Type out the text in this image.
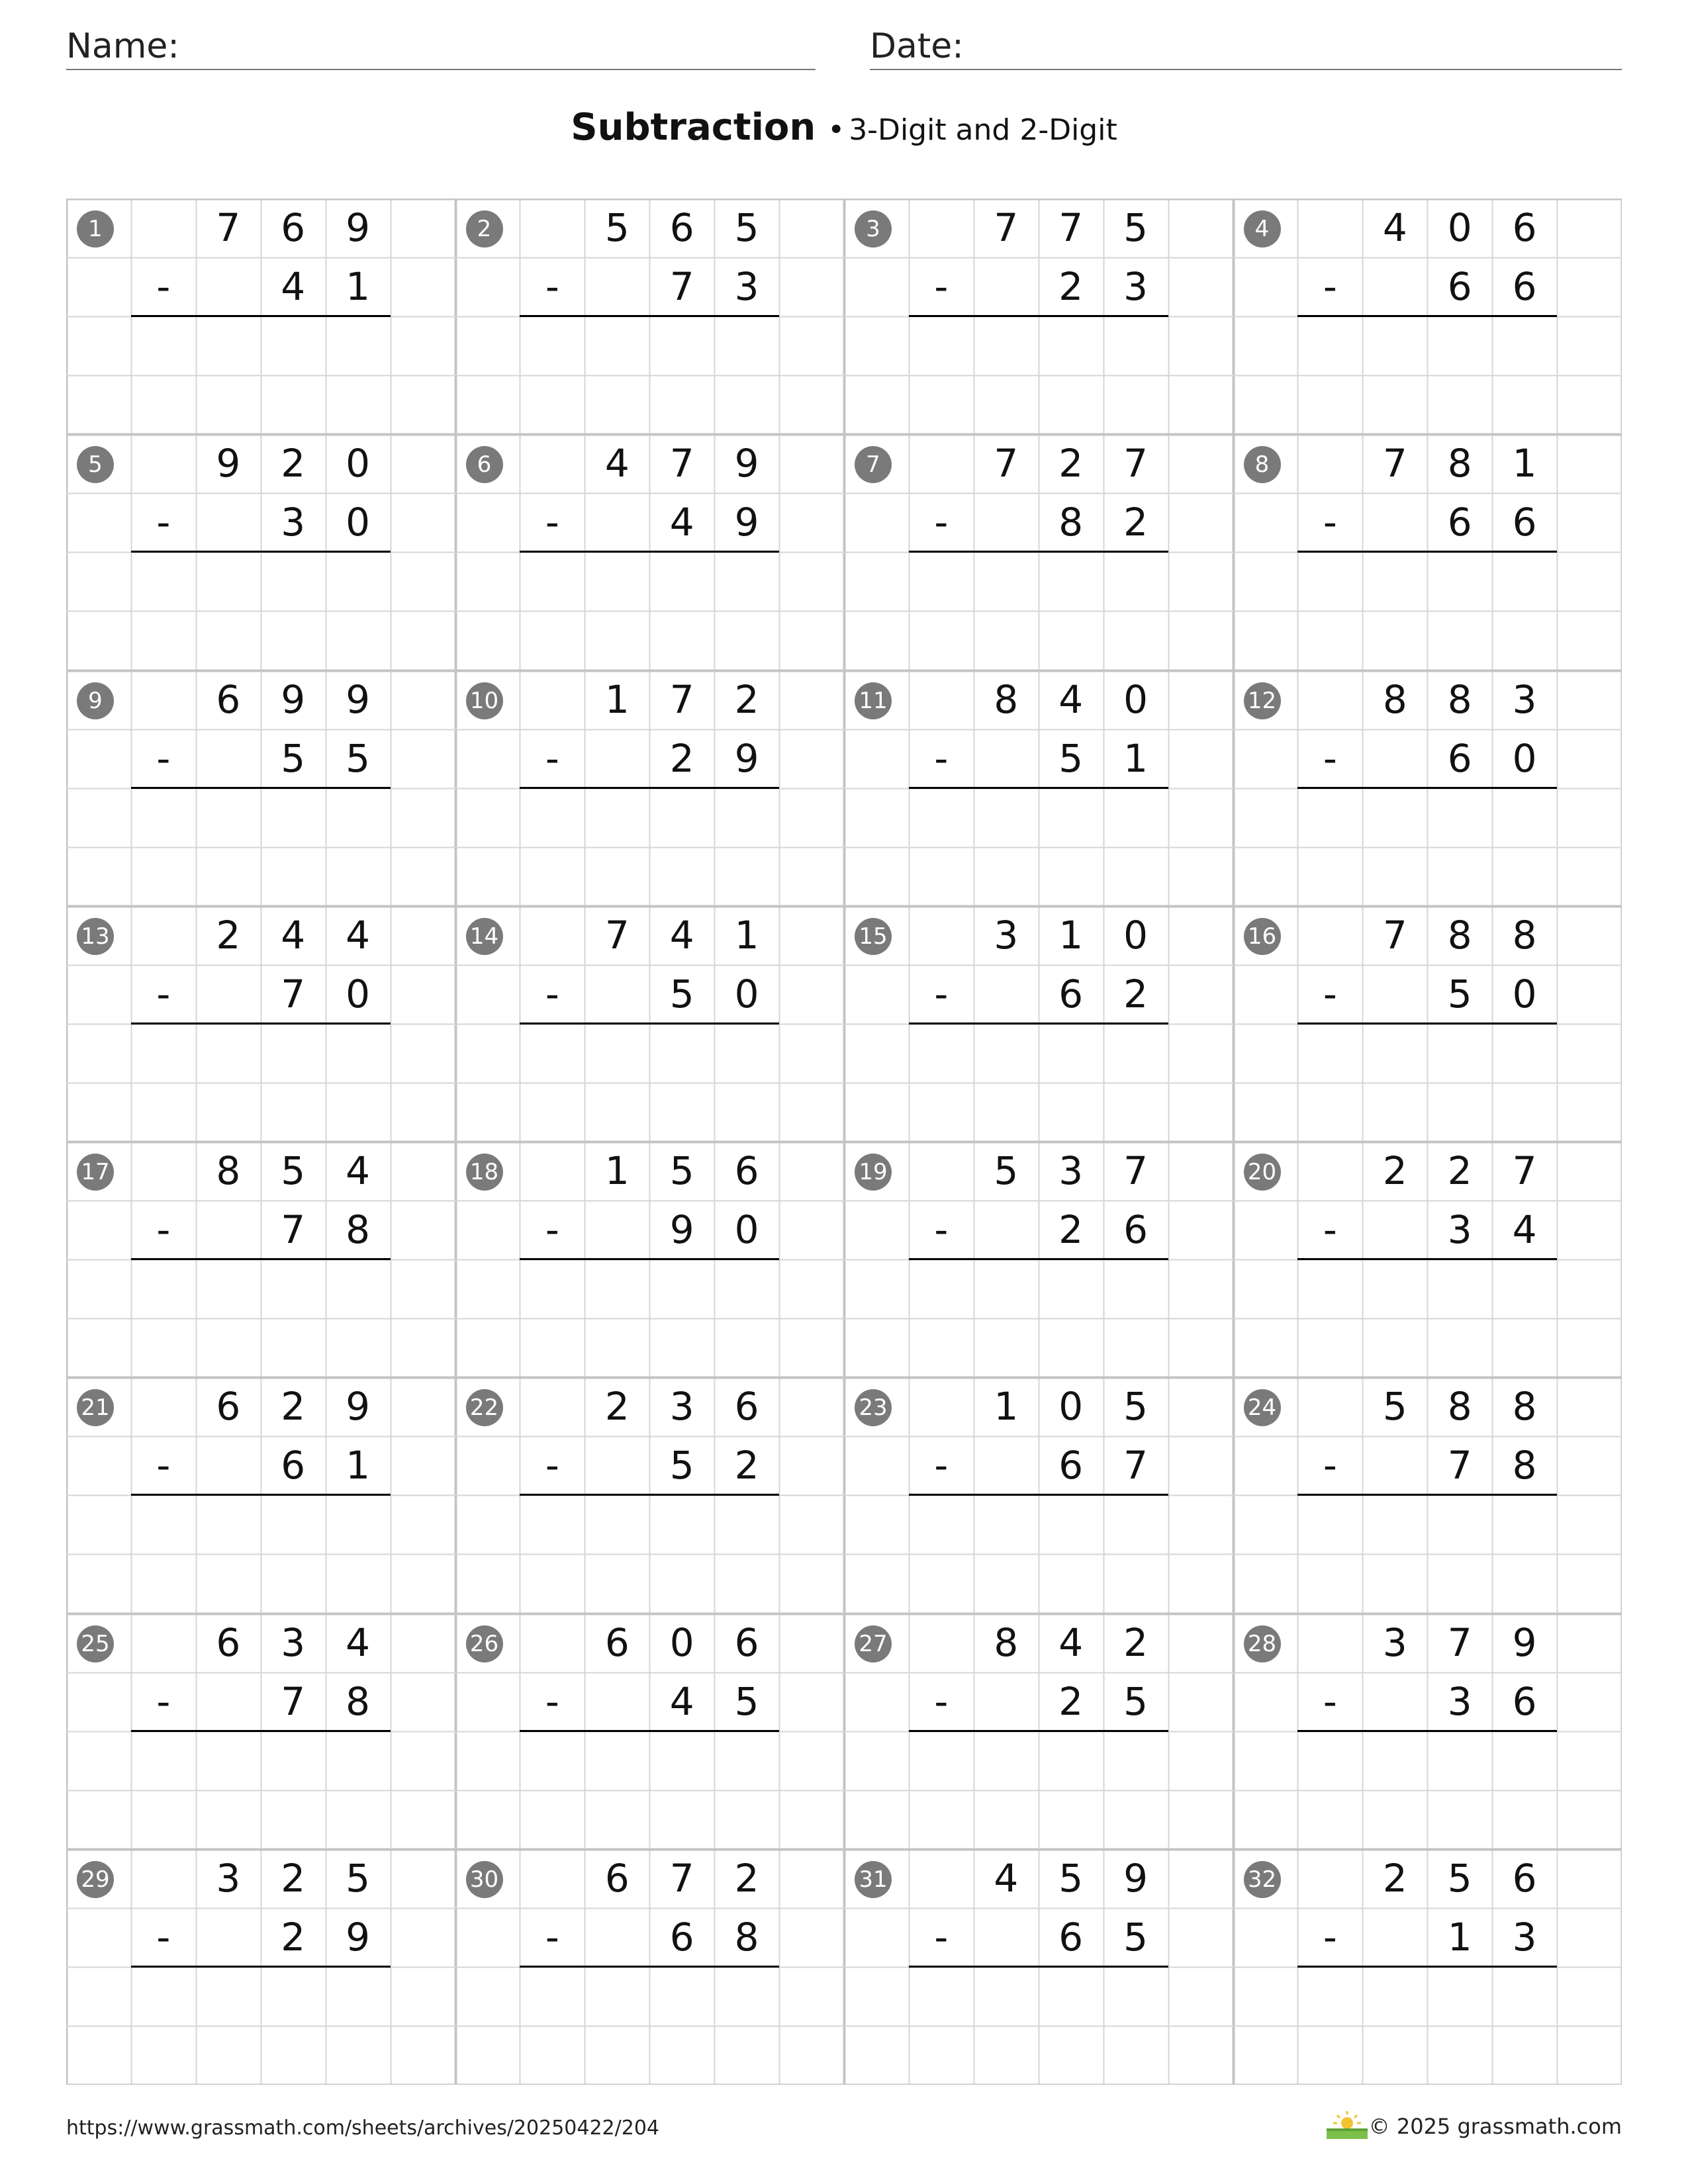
Name:	Date:
Subtraction • 3-Digit and 2-Digit
1	7	6	9
-	4	1
2	5	6	5
-	7	3
3	7	7	5
-	2	3
4	4	0	6
-	6	6
5	9	2	0
-	3	0
6	4	7	9
-	4	9
7	7	2	7
-	8	2
8	7	8	1
-	6	6
9	6	9	9
-	5	5
10	1	7	2
-	2	9
11	8	4	0
-	5	1
12	8	8	3
-	6	0
13	2	4	4
-	7	0
14	7	4	1
-	5	0
15	3	1	0
-	6	2
16	7	8	8
-	5	0
17	8	5	4
-	7	8
18	1	5	6
-	9	0
19	5	3	7
-	2	6
20	2	2	7
-	3	4
21	6	2	9
-	6	1
22	2	3	6
-	5	2
23	1	0	5
-	6	7
24	5	8	8
-	7	8
25	6	3	4
-	7	8
26	6	0	6
-	4	5
27	8	4	2
-	2	5
28	3	7	9
-	3	6
29	3	2	5
-	2	9
30	6	7	2
-	6	8
31	4	5	9
-	6	5
32	2	5	6
-	1	3
https://www.grassmath.com/sheets/archives/20250422/204	© 2025 grassmath.com
